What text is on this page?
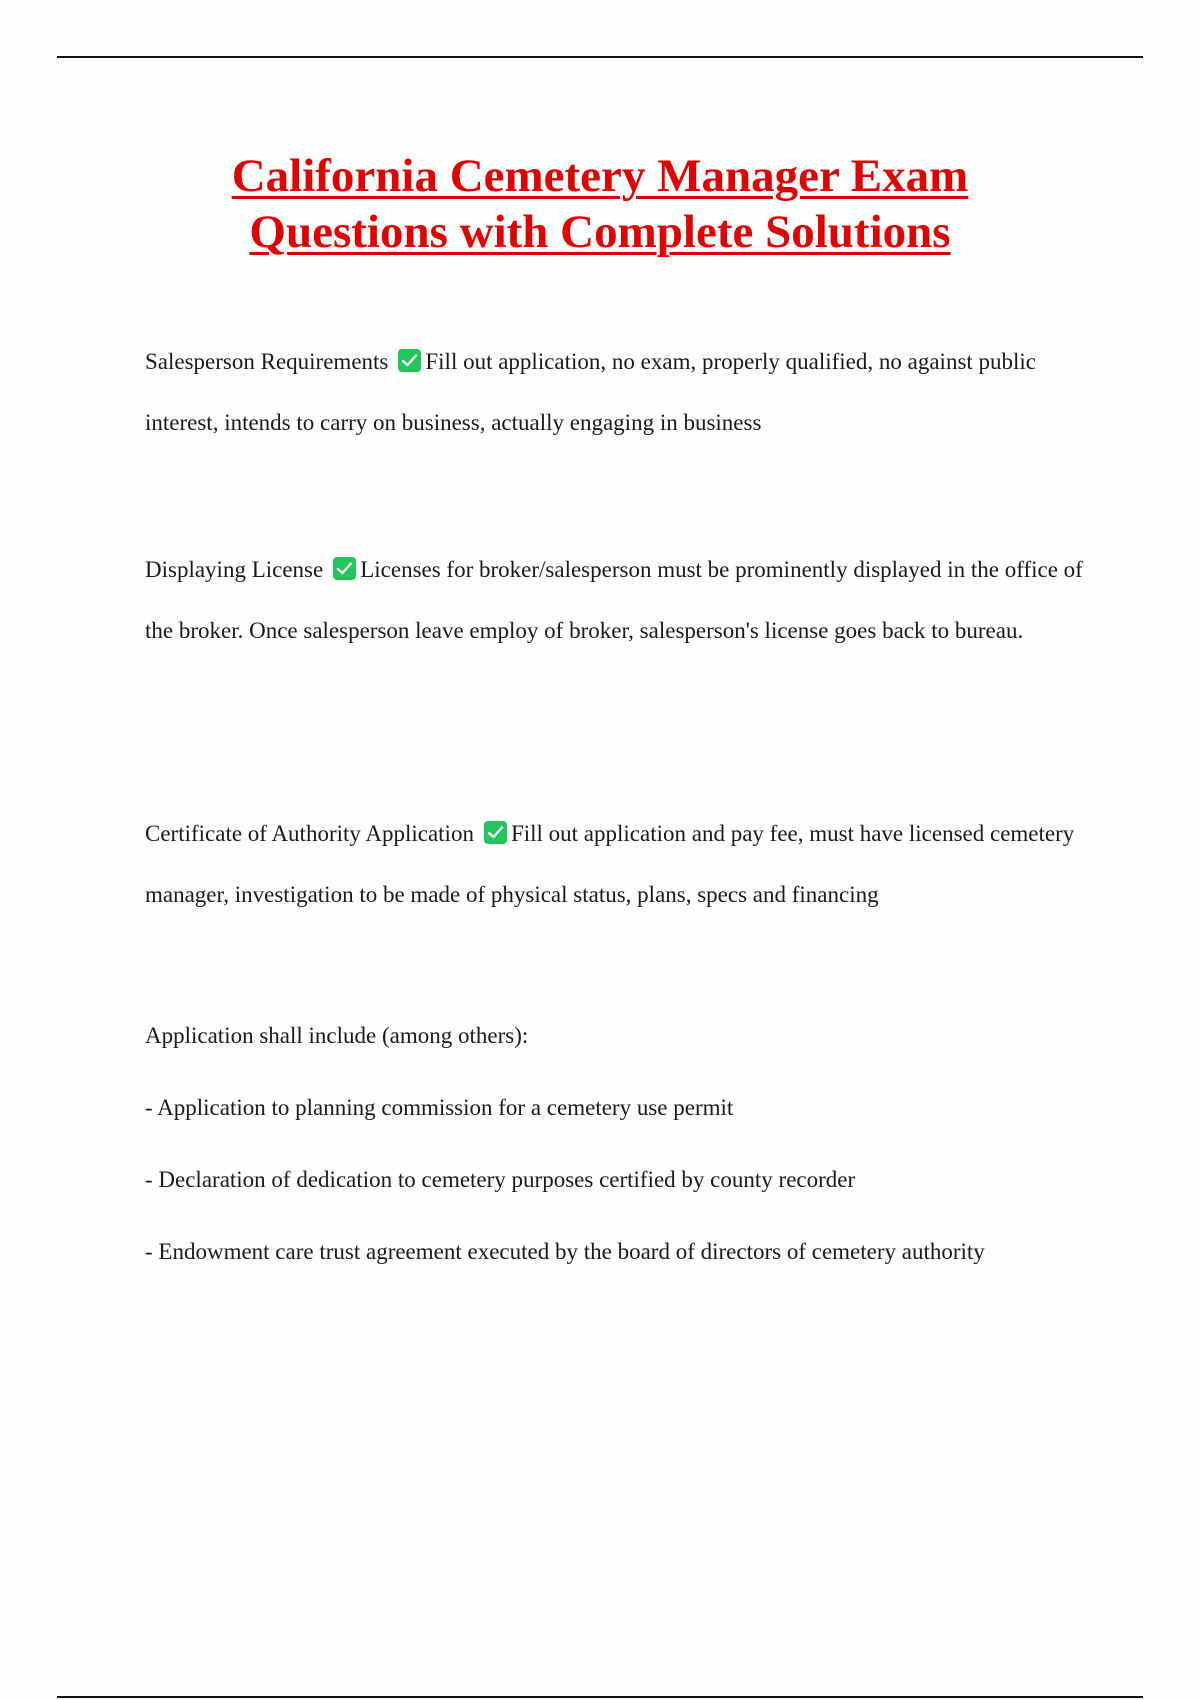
California Cemetery Manager Exam
Questions with Complete Solutions

Salesperson Requirements Fill out application, no exam, properly qualified, no against public interest, intends to carry on business, actually engaging in business

Displaying License Licenses for broker/salesperson must be prominently displayed in the office of the broker. Once salesperson leave employ of broker, salesperson's license goes back to bureau.

Certificate of Authority Application Fill out application and pay fee, must have licensed cemetery manager, investigation to be made of physical status, plans, specs and financing

Application shall include (among others):
- Application to planning commission for a cemetery use permit
- Declaration of dedication to cemetery purposes certified by county recorder
- Endowment care trust agreement executed by the board of directors of cemetery authority
